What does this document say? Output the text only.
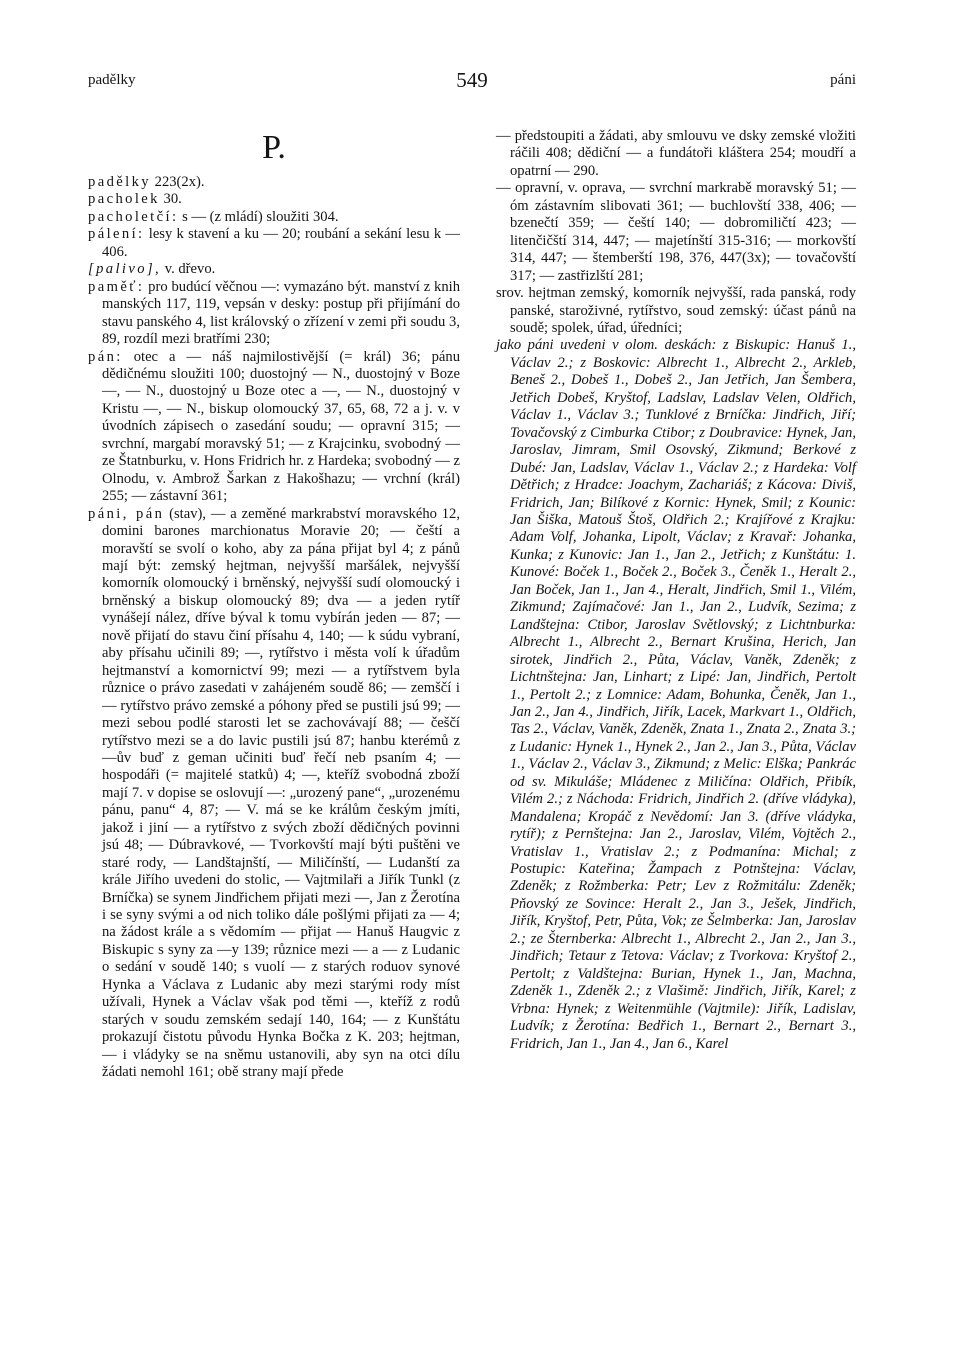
padělky	549	páni
P.

padělky 223(2x).

pacholek 30.

pacholetčí: s — (z mládí) sloužiti 304.

pálení: lesy k stavení a ku — 20; roubání a sekání lesu k — 406.

[palivo], v. dřevo.

paměť: pro budúcí věčnou —: vymazáno být. manství z knih manských 117, 119, vepsán v desky: postup při přijímání do stavu panského 4, list královský o zřízení v zemi při soudu 3, 89, rozdíl mezi bratřími 230;

pán: otec a — náš najmilostivější (= král) 36; pánu dědičnému sloužiti 100; duostojný — N., duostojný v Boze —, — N., duostojný u Boze otec a —, — N., duostojný v Kristu —, — N., biskup olomoucký 37, 65, 68, 72 a j. v. v úvodních zápisech o zasedání soudu; — opravní 315; — svrchní, margabí moravský 51; — z Krajcinku, svobodný — ze Štatnburku, v. Hons Fridrich hr. z Hardeka; svobodný — z Olnodu, v. Ambrož Šarkan z Hakošhazu; — vrchní (král) 255; — zástavní 361;

páni, pán (stav), — a zeměné markrabství moravského 12, domini barones marchionatus Moravie 20; — čeští a moravští se svolí o koho, aby za pána přijat byl 4; z pánů mají být: zemský hejtman, nejvyšší maršálek, nejvyšší komorník olomoucký i brněnský, nejvyšší sudí olomoucký i brněnský a biskup olomoucký 89; dva — a jeden rytíř vynášejí nález, dříve býval k tomu vybírán jeden — 87; — nově přijatí do stavu činí přísahu 4, 140; — k súdu vybraní, aby přísahu učinili 89; —, rytířstvo i města volí k úřadům hejtmanství a komornictví 99; mezi — a rytířstvem byla různice o právo zasedati v zahájeném soudě 86; — zemščí i — rytířstvo právo zemské a póhony před se pustili jsú 99; — mezi sebou podlé starosti let se zachovávají 88; — češčí rytířstvo mezi se a do lavic pustili jsú 87; hanbu kterémů z —ův buď z geman učiniti buď řečí neb psaním 4; — hospodáři (= majitelé statků) 4; —, kteříž svobodná zboží mají 7. v dopise se oslovují —: „urozený pane“, „urozenému pánu, panu“ 4, 87; — V. má se ke králům českým jmíti, jakož i jiní — a rytířstvo z svých zboží dědičných povinni jsú 48; — Dúbravkové, — Tvorkovští mají býti puštěni ve staré rody, — Landštajnští, — Miličínští, — Ludanští za krále Jiřího uvedeni do stolic, — Vajtmilaři a Jiřík Tunkl (z Brníčka) se synem Jindřichem přijati mezi —, Jan z Žerotína i se syny svými a od nich toliko dále pošlými přijati za — 4; na žádost krále a s vědomím — přijat — Hanuš Haugvic z Biskupic s syny za —y 139; různice mezi — a — z Ludanic o sedání v soudě 140; s vuolí — z starých roduov synové Hynka a Václava z Ludanic aby mezi starými rody míst užívali, Hynek a Václav však pod těmi —, kteříž z rodů starých v soudu zemském sedají 140, 164; — z Kunštátu prokazují čistotu původu Hynka Bočka z K. 203; hejtman, — i vládyky se na sněmu ustanovili, aby syn na otci dílu žádati nemohl 161; obě strany mají přede

— předstoupiti a žádati, aby smlouvu ve dsky zemské vložiti ráčili 408; dědiční — a fundátoři kláštera 254; moudří a opatrní — 290.

— opravní, v. oprava, — svrchní markrabě moravský 51; —óm zástavním slibovati 361; — buchlovští 338, 406; — bzenečtí 359; — čeští 140; — dobromiličtí 423; — litenčičští 314, 447; — majetínští 315-316; — morkovští 314, 447; — štemberští 198, 376, 447(3x); — tovačovští 317; — zastřizlští 281;

srov. hejtman zemský, komorník nejvyšší, rada panská, rody panské, staroživné, rytířstvo, soud zemský: účast pánů na soudě; spolek, úřad, úředníci;

jako páni uvedeni v olom. deskách: z Biskupic: Hanuš 1., Václav 2.; z Boskovic: Albrecht 1., Albrecht 2., Arkleb, Beneš 2., Dobeš 1., Dobeš 2., Jan Jetřich, Jan Šembera, Jetřich Dobeš, Kryštof, Ladslav, Ladslav Velen, Oldřich, Václav 1., Václav 3.; Tunklové z Brníčka: Jindřich, Jiří; Tovačovský z Cimburka Ctibor; z Doubravice: Hynek, Jan, Jaroslav, Jimram, Smil Osovský, Zikmund; Berkové z Dubé: Jan, Ladslav, Václav 1., Václav 2.; z Hardeka: Volf Dětřich; z Hradce: Joachym, Zachariáš; z Kácova: Diviš, Fridrich, Jan; Bilíkové z Kornic: Hynek, Smil; z Kounic: Jan Šiška, Matouš Štoš, Oldřich 2.; Krajířové z Krajku: Adam Volf, Johanka, Lipolt, Václav; z Kravař: Johanka, Kunka; z Kunovic: Jan 1., Jan 2., Jetřich; z Kunštátu: 1. Kunové: Boček 1., Boček 2., Boček 3., Čeněk 1., Heralt 2., Jan Boček, Jan 1., Jan 4., Heralt, Jindřich, Smil 1., Vilém, Zikmund; Zajímačové: Jan 1., Jan 2., Ludvík, Sezima; z Landštejna: Ctibor, Jaroslav Světlovský; z Lichtnburka: Albrecht 1., Albrecht 2., Bernart Krušina, Herich, Jan sirotek, Jindřich 2., Půta, Václav, Vaněk, Zdeněk; z Lichtnštejna: Jan, Linhart; z Lipé: Jan, Jindřich, Pertolt 1., Pertolt 2.; z Lomnice: Adam, Bohunka, Čeněk, Jan 1., Jan 2., Jan 4., Jindřich, Jiřík, Lacek, Markvart 1., Oldřich, Tas 2., Václav, Vaněk, Zdeněk, Znata 1., Znata 2., Znata 3.; z Ludanic: Hynek 1., Hynek 2., Jan 2., Jan 3., Půta, Václav 1., Václav 2., Václav 3., Zikmund; z Melic: Elška; Pankrác od sv. Mikuláše; Mládenec z Miličína: Oldřich, Přibík, Vilém 2.; z Náchoda: Fridrich, Jindřich 2. (dříve vládyka), Mandalena; Kropáč z Nevědomí: Jan 3. (dříve vládyka, rytíř); z Pernštejna: Jan 2., Jaroslav, Vilém, Vojtěch 2., Vratislav 1., Vratislav 2.; z Podmanína: Michal; z Postupic: Kateřina; Žampach z Potnštejna: Václav, Zdeněk; z Rožmberka: Petr; Lev z Rožmitálu: Zdeněk; Pňovský ze Sovince: Heralt 2., Jan 3., Ješek, Jindřich, Jiřík, Kryštof, Petr, Půta, Vok; ze Šelmberka: Jan, Jaroslav 2.; ze Šternberka: Albrecht 1., Albrecht 2., Jan 2., Jan 3., Jindřich; Tetaur z Tetova: Václav; z Tvorkova: Kryštof 2., Pertolt; z Valdštejna: Burian, Hynek 1., Jan, Machna, Zdeněk 1., Zdeněk 2.; z Vlašimě: Jindřich, Jiřík, Karel; z Vrbna: Hynek; z Weitenmühle (Vajtmile): Jiřík, Ladislav, Ludvík; z Žerotína: Bedřich 1., Bernart 2., Bernart 3., Fridrich, Jan 1., Jan 4., Jan 6., Karel
